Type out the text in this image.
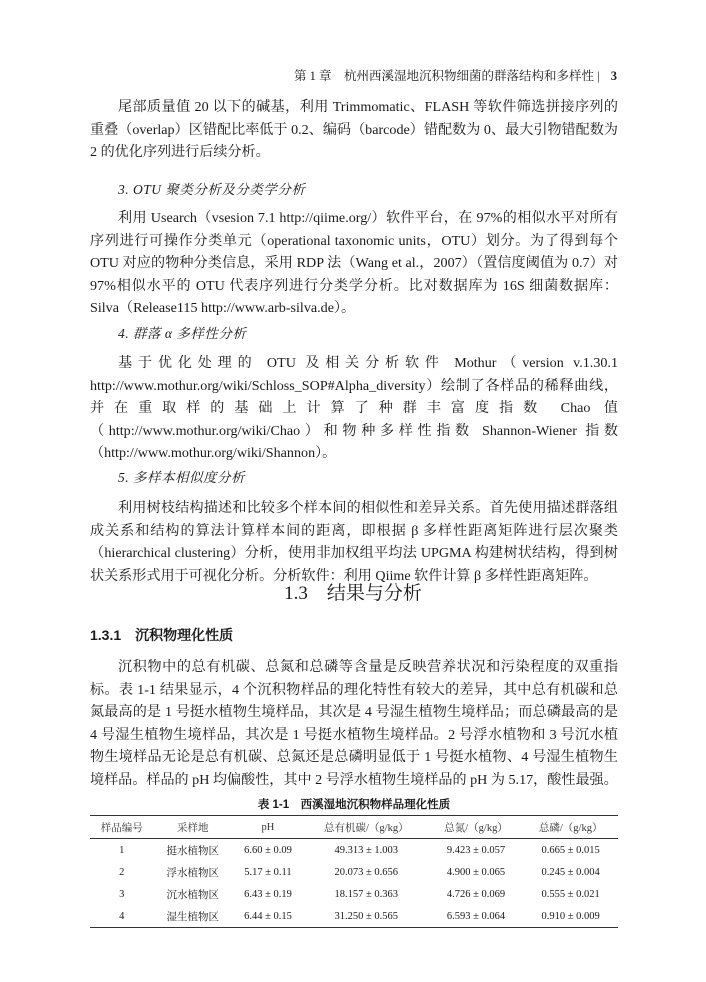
第 1 章　杭州西溪湿地沉积物细菌的群落结构和多样性 | 3

尾部质量值 20 以下的碱基，利用 Trimmomatic、FLASH 等软件筛选拼接序列的重叠（overlap）区错配比率低于 0.2、编码（barcode）错配数为 0、最大引物错配数为 2 的优化序列进行后续分析。

3. OTU 聚类分析及分类学分析

利用 Usearch（vsesion 7.1 http://qiime.org/）软件平台，在 97%的相似水平对所有序列进行可操作分类单元（operational taxonomic units，OTU）划分。为了得到每个 OTU 对应的物种分类信息，采用 RDP 法（Wang et al.，2007）（置信度阈值为 0.7）对 97%相似水平的 OTU 代表序列进行分类学分析。比对数据库为 16S 细菌数据库：Silva（Release115 http://www.arb-silva.de）。

4. 群落 α 多样性分析

基于优化处理的 OTU 及相关分析软件 Mothur（version v.1.30.1 http://www.mothur.org/wiki/Schloss_SOP#Alpha_diversity）绘制了各样品的稀释曲线，并在重取样的基础上计算了种群丰富度指数 Chao 值（http://www.mothur.org/wiki/Chao）和物种多样性指数 Shannon-Wiener 指数（http://www.mothur.org/wiki/Shannon）。

5. 多样本相似度分析

利用树枝结构描述和比较多个样本间的相似性和差异关系。首先使用描述群落组成关系和结构的算法计算样本间的距离，即根据 β 多样性距离矩阵进行层次聚类（hierarchical clustering）分析，使用非加权组平均法 UPGMA 构建树状结构，得到树状关系形式用于可视化分析。分析软件：利用 Qiime 软件计算 β 多样性距离矩阵。

1.3　结果与分析
1.3.1　沉积物理化性质

沉积物中的总有机碳、总氮和总磷等含量是反映营养状况和污染程度的双重指标。表 1-1 结果显示，4 个沉积物样品的理化特性有较大的差异，其中总有机碳和总氮最高的是 1 号挺水植物生境样品，其次是 4 号湿生植物生境样品；而总磷最高的是 4 号湿生植物生境样品，其次是 1 号挺水植物生境样品。2 号浮水植物和 3 号沉水植物生境样品无论是总有机碳、总氮还是总磷明显低于 1 号挺水植物、4 号湿生植物生境样品。样品的 pH 均偏酸性，其中 2 号浮水植物生境样品的 pH 为 5.17，酸性最强。

表 1-1　西溪湿地沉积物样品理化性质
样品编号	采样地	pH	总有机碳/（g/kg）	总氮/（g/kg）	总磷/（g/kg）
1	挺水植物区	6.60 ± 0.09	49.313 ± 1.003	9.423 ± 0.057	0.665 ± 0.015
2	浮水植物区	5.17 ± 0.11	20.073 ± 0.656	4.900 ± 0.065	0.245 ± 0.004
3	沉水植物区	6.43 ± 0.19	18.157 ± 0.363	4.726 ± 0.069	0.555 ± 0.021
4	湿生植物区	6.44 ± 0.15	31.250 ± 0.565	6.593 ± 0.064	0.910 ± 0.009
